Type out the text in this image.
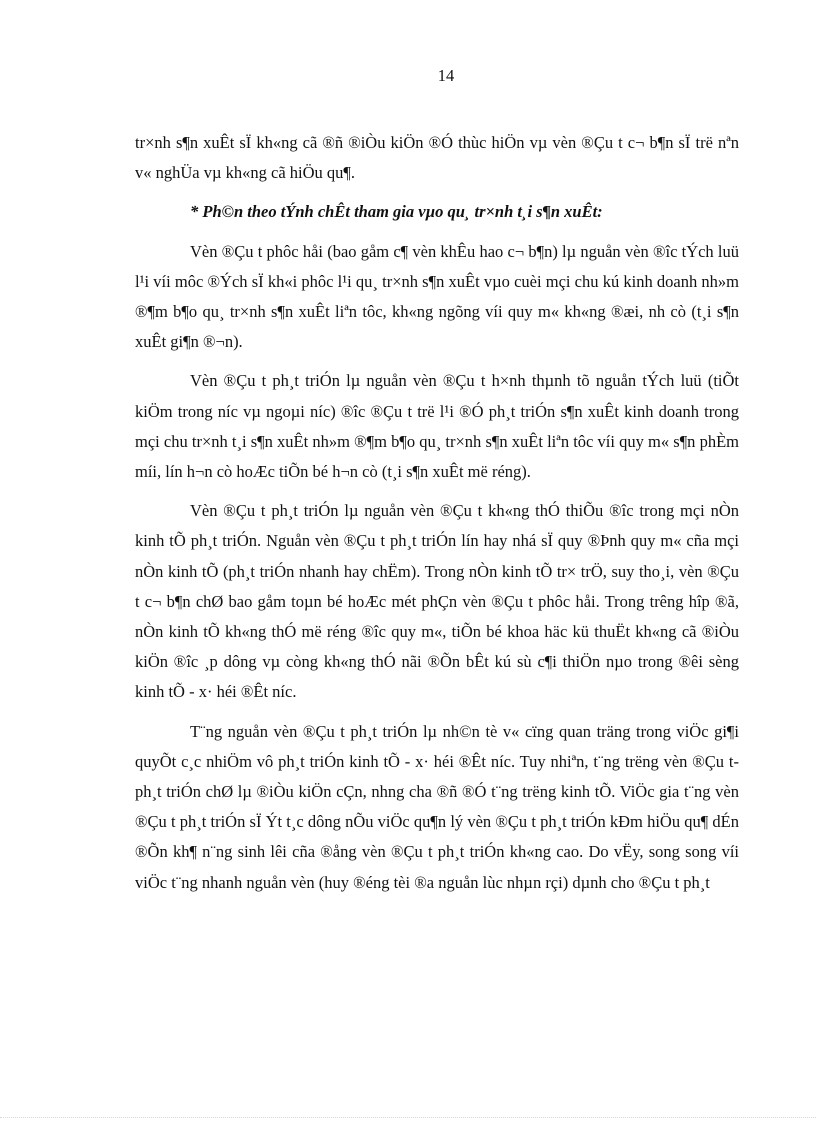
14

tr×nh s¶n xuÊt sÏ kh«ng cã ®ñ ®iÒu kiÖn ®Ó thùc hiÖn vµ vèn ®Çu t c¬ b¶n sÏ trë nªn v« nghÜa vµ kh«ng cã hiÖu qu¶.

* Ph©n theo tÝnh chÊt tham gia vµo qu¸ tr×nh t¸i s¶n xuÊt:

Vèn ®Çu t phôc håi (bao gåm c¶ vèn khÊu hao c¬ b¶n) lµ nguån vèn ®îc tÝch luü l¹i víi môc ®Ých sÏ kh«i phôc l¹i qu¸ tr×nh s¶n xuÊt vµo cuèi mçi chu kú kinh doanh nh»m ®¶m b¶o qu¸ tr×nh s¶n xuÊt liªn tôc, kh«ng ngõng víi quy m« kh«ng ®æi, nh cò (t¸i s¶n xuÊt gi¶n ®¬n).

Vèn ®Çu t ph¸t triÓn lµ nguån vèn ®Çu t h×nh thµnh tõ nguån tÝch luü (tiÕt kiÖm trong níc vµ ngoµi níc) ®îc ®Çu t trë l¹i ®Ó ph¸t triÓn s¶n xuÊt kinh doanh trong mçi chu tr×nh t¸i s¶n xuÊt nh»m ®¶m b¶o qu¸ tr×nh s¶n xuÊt liªn tôc víi quy m« s¶n phÈm míi, lín h¬n cò hoÆc tiÕn bé h¬n cò (t¸i s¶n xuÊt më réng).

Vèn ®Çu t ph¸t triÓn lµ nguån vèn ®Çu t kh«ng thÓ thiÕu ®îc trong mçi nÒn kinh tÕ ph¸t triÓn. Nguån vèn ®Çu t ph¸t triÓn lín hay nhá sÏ quy ®Þnh quy m« cña mçi nÒn kinh tÕ (ph¸t triÓn nhanh hay chËm). Trong nÒn kinh tÕ tr× trÖ, suy tho¸i, vèn ®Çu t c¬ b¶n chØ bao gåm toµn bé hoÆc mét phÇn vèn ®Çu t phôc håi. Trong trêng hîp ®ã, nÒn kinh tÕ kh«ng thÓ më réng ®îc quy m«, tiÕn bé khoa häc kü thuËt kh«ng cã ®iÒu kiÖn ®îc ¸p dông vµ còng kh«ng thÓ nãi ®Õn bÊt kú sù c¶i thiÖn nµo trong ®êi sèng kinh tÕ - x· héi ®Êt níc.

T¨ng nguån vèn ®Çu t ph¸t triÓn lµ nh©n tè v« cïng quan träng trong viÖc gi¶i quyÕt c¸c nhiÖm vô ph¸t triÓn kinh tÕ - x· héi ®Êt níc. Tuy nhiªn, t¨ng trëng vèn ®Çu t ph¸t triÓn chØ lµ ®iÒu kiÖn cÇn, nhng cha ®ñ ®Ó t¨ng trëng kinh tÕ. ViÖc gia t¨ng vèn ®Çu t ph¸t triÓn sÏ Ýt t¸c dông nÕu viÖc qu¶n lý vèn ®Çu t ph¸t triÓn kÐm hiÖu qu¶ dÉn ®Õn kh¶ n¨ng sinh lêi cña ®ång vèn ®Çu t ph¸t triÓn kh«ng cao. Do vËy, song song víi viÖc t¨ng nhanh nguån vèn (huy ®éng tèi ®a nguån lùc nhµn rçi) dµnh cho ®Çu t ph¸t
